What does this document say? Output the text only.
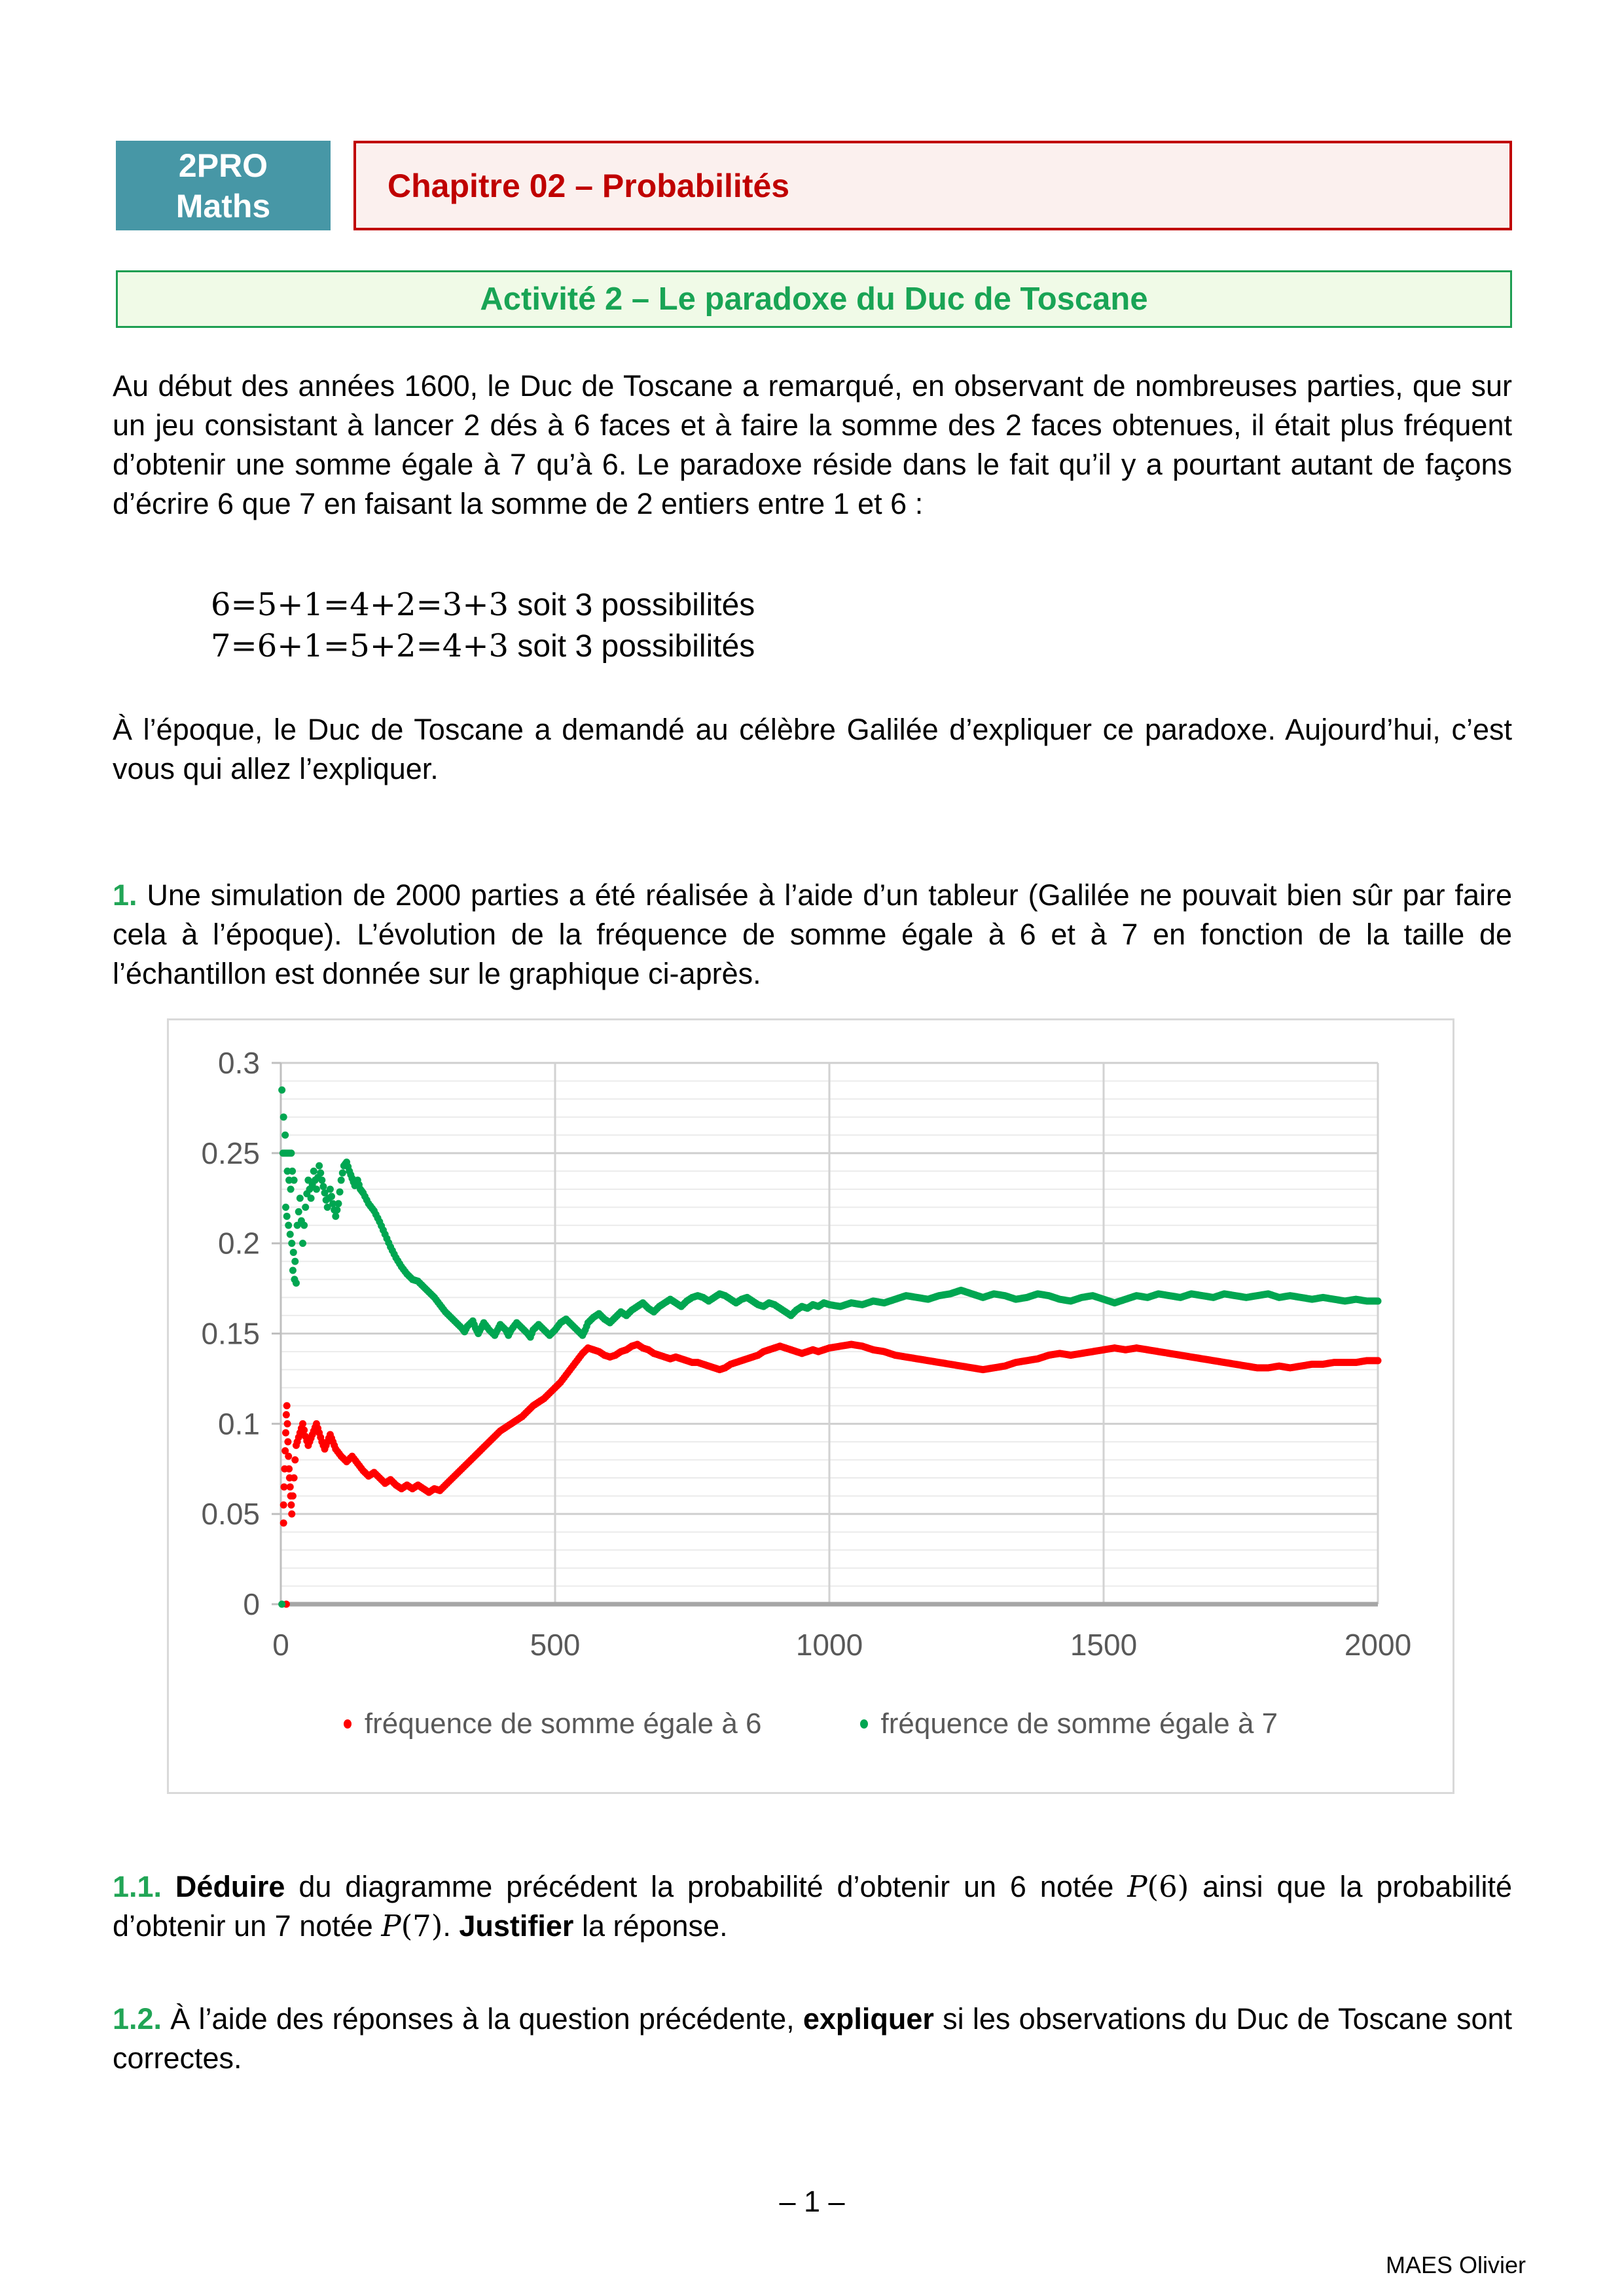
2PRO
Maths
Chapitre 02 – Probabilités
Activité 2 – Le paradoxe du Duc de Toscane

Au début des années 1600, le Duc de Toscane a remarqué, en observant de nombreuses parties, que sur un jeu consistant à lancer 2 dés à 6 faces et à faire la somme des 2 faces obtenues, il était plus fréquent d’obtenir une somme égale à 7 qu’à 6. Le paradoxe réside dans le fait qu’il y a pourtant autant de façons d’écrire 6 que 7 en faisant la somme de 2 entiers entre 1 et 6 :

6=5+1=4+2=3+3 soit 3 possibilités
7=6+1=5+2=4+3 soit 3 possibilités

À l’époque, le Duc de Toscane a demandé au célèbre Galilée d’expliquer ce paradoxe. Aujourd’hui, c’est vous qui allez l’expliquer.

1. Une simulation de 2000 parties a été réalisée à l’aide d’un tableur (Galilée ne pouvait bien sûr par faire cela à l’époque). L’évolution de la fréquence de somme égale à 6 et à 7 en fonction de la taille de l’échantillon est donnée sur le graphique ci-après.

0
0.05
0.1
0.15
0.2
0.25
0.3
0	500	1000	1500	2000
fréquence de somme égale à 6	fréquence de somme égale à 7

1.1. Déduire du diagramme précédent la probabilité d’obtenir un 6 notée P(6) ainsi que la probabilité d’obtenir un 7 notée P(7). Justifier la réponse.

1.2. À l’aide des réponses à la question précédente, expliquer si les observations du Duc de Toscane sont correctes.

– 1 –
MAES Olivier
